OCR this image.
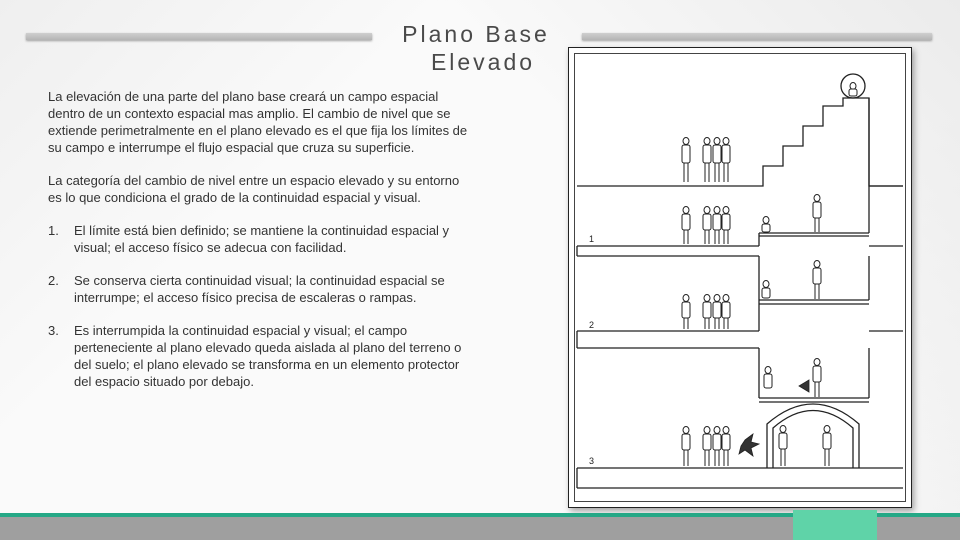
Plano Base
Elevado

La elevación de una parte del plano base creará un campo espacial dentro de un contexto espacial mas amplio. El cambio de nivel que se extiende perimetralmente en el plano elevado es el que fija los límites de su campo e interrumpe el flujo espacial que cruza su superficie.

La categoría del cambio de nivel entre un espacio elevado y su entorno es lo que condiciona el grado de la continuidad espacial y visual.

1. El límite está bien definido; se mantiene la continuidad espacial y visual; el acceso físico se adecua con facilidad.
2. Se conserva cierta continuidad visual; la continuidad espacial se interrumpe; el acceso físico precisa de escaleras o rampas.
3. Es interrumpida la continuidad espacial y visual; el campo perteneciente al plano elevado queda aislada al plano del terreno o del suelo; el plano elevado se transforma en un elemento protector del espacio situado por debajo.
1
2
3
